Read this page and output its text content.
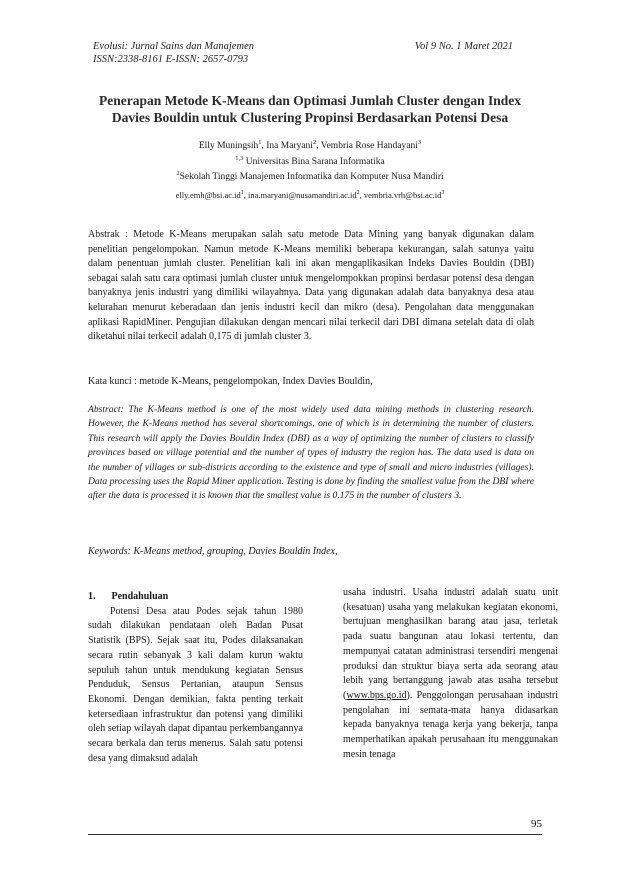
Evolusi: Jurnal Sains dan Manajemen	Vol 9 No. 1 Maret 2021
ISSN:2338-8161 E-ISSN: 2657-0793
Penerapan Metode K-Means dan Optimasi Jumlah Cluster dengan Index
Davies Bouldin untuk Clustering Propinsi Berdasarkan Potensi Desa
Elly Muningsih$^1$, Ina Maryani$^2$, Vembria Rose Handayani$^3$
$^{1,3}$ Universitas Bina Sarana Informatika
$^2$Sekolah Tinggi Manajemen Informatika dan Komputer Nusa Mandiri
$elly.emh@bsi.ac.id^1$, $ina.maryani@nusamandiri.ac.id^2$, $vembria.vrh@bsi.ac.id^3$

Abstrak : Metode K-Means merupakan salah satu metode Data Mining yang banyak digunakan dalam penelitian pengelompokan. Namun metode K-Means memiliki beberapa kekurangan, salah satunya yaitu dalam penentuan jumlah cluster. Penelitian kali ini akan mengaplikasikan Indeks Davies Bouldin (DBI) sebagai salah satu cara optimasi jumlah cluster untuk mengelompokkan propinsi berdasar potensi desa dengan banyaknya jenis industri yang dimiliki wilayahnya. Data yang digunakan adalah data banyaknya desa atau kelurahan menurut keberadaan dan jenis industri kecil dan mikro (desa). Pengolahan data menggunakan aplikasi RapidMiner. Pengujian dilakukan dengan mencari nilai terkecil dari DBI dimana setelah data di olah diketahui nilai terkecil adalah 0,175 di jumlah cluster 3.

Kata kunci : metode K-Means, pengelompokan, Index Davies Bouldin,

Abstract: The K-Means method is one of the most widely used data mining methods in clustering research. However, the K-Means method has several shortcomings, one of which is in determining the number of clusters. This research will apply the Davies Bouldin Index (DBI) as a way of optimizing the number of clusters to classify provinces based on village potential and the number of types of industry the region has. The data used is data on the number of villages or sub-districts according to the existence and type of small and micro industries (villages). Data processing uses the Rapid Miner application. Testing is done by finding the smallest value from the DBI where after the data is processed it is known that the smallest value is 0.175 in the number of clusters 3.

Keywords: K-Means method, grouping, Davies Bouldin Index,

1. Pendahuluan

Potensi Desa atau Podes sejak tahun 1980 sudah dilakukan pendataan oleh Badan Pusat Statistik (BPS). Sejak saat itu, Podes dilaksanakan secara rutin sebanyak 3 kali dalam kurun waktu sepuluh tahun untuk mendukung kegiatan Sensus Penduduk, Sensus Pertanian, ataupun Sensus Ekonomi. Dengan demikian, fakta penting terkait ketersediaan infrastruktur dan potensi yang dimiliki oleh setiap wilayah dapat dipantau perkembangannya secara berkala dan terus menerus. Salah satu potensi desa yang dimaksud adalah

usaha industri. Usaha industri adalah suatu unit (kesatuan) usaha yang melakukan kegiatan ekonomi, bertujuan menghasilkan barang atau jasa, terletak pada suatu bangunan atau lokasi tertentu, dan mempunyai catatan administrasi tersendiri mengenai produksi dan struktur biaya serta ada seorang atau lebih yang bertanggung jawab atas usaha tersebut (www.bps.go.id). Penggolongan perusahaan industri pengolahan ini semata-mata hanya didasarkan kepada banyaknya tenaga kerja yang bekerja, tanpa memperhatikan apakah perusahaan itu menggunakan mesin tenaga

95
